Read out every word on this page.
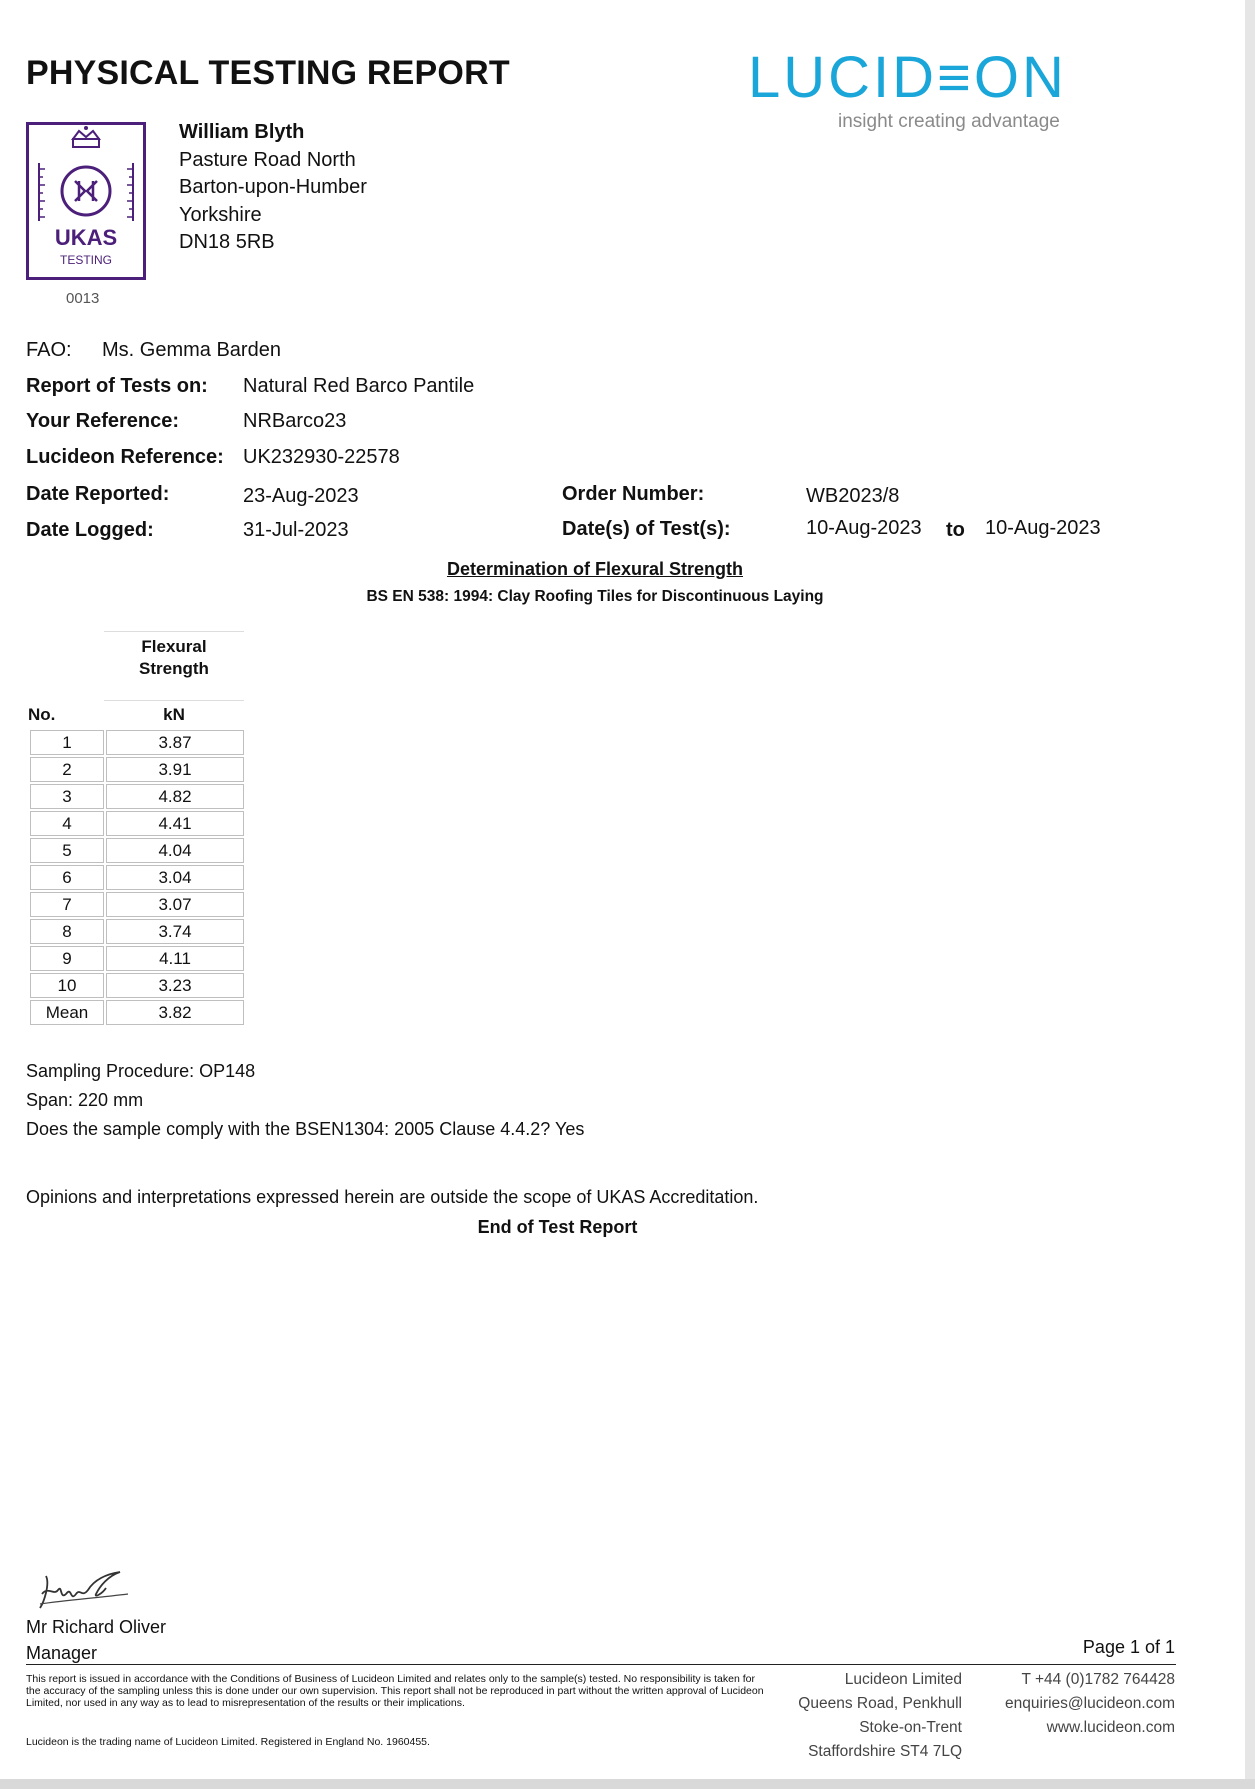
PHYSICAL TESTING REPORT	LUCID≡ON
insight creating advantage
UKAS
TESTING
0013
William Blyth
Pasture Road North
Barton-upon-Humber
Yorkshire
DN18 5RB
FAO: Ms. Gemma Barden
Report of Tests on: Natural Red Barco Pantile
Your Reference:	NRBarco23
Lucideon Reference: UK232930-22578
Date Reported:	23-Aug-2023
Date Logged:	31-Jul-2023
Order Number:	WB2023/8
Date(s) of Test(s):	10-Aug-2023 to 10-Aug-2023
Determination of Flexural Strength
BS EN 538: 1994: Clay Roofing Tiles for Discontinuous Laying
Flexural
Strength
No.	kN
1	3.87
2	3.91
3	4.82
4	4.41
5	4.04
6	3.04
7	3.07
8	3.74
9	4.11
10	3.23
Mean	3.82
Sampling Procedure: OP148
Span: 220 mm
Does the sample comply with the BSEN1304: 2005 Clause 4.4.2? Yes
Opinions and interpretations expressed herein are outside the scope of UKAS Accreditation.
End of Test Report
Mr Richard Oliver
Manager	Page 1 of 1
This report is issued in accordance with the Conditions of Business of Lucideon Limited and relates only to the sample(s) tested. No responsibility is taken for the accuracy of the sampling unless this is done under our own supervision. This report shall not be reproduced in part without the written approval of Lucideon Limited, nor used in any way as to lead to misrepresentation of the results or their implications.
Lucideon is the trading name of Lucideon Limited. Registered in England No. 1960455.
Lucideon Limited
Queens Road, Penkhull
Stoke-on-Trent
Staffordshire ST4 7LQ
T +44 (0)1782 764428
enquiries@lucideon.com
www.lucideon.com
